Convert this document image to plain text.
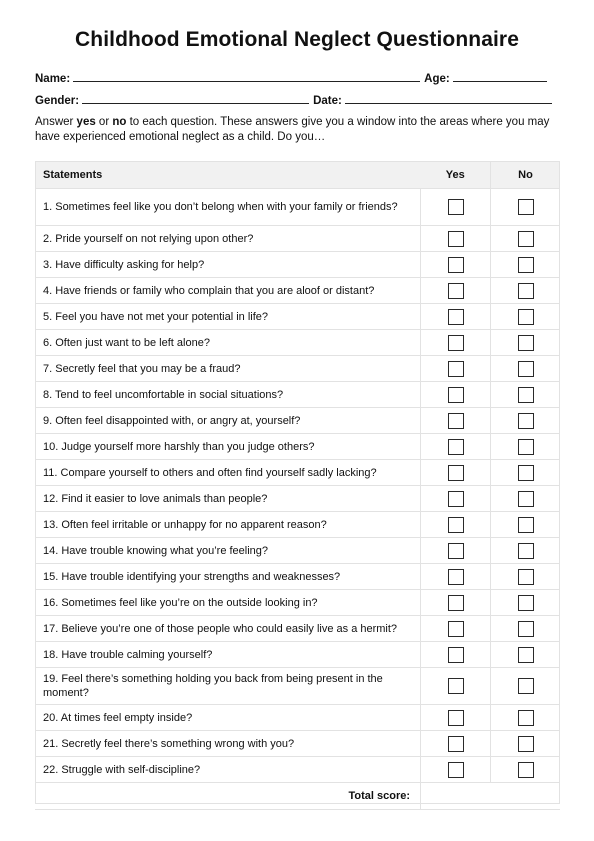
Childhood Emotional Neglect Questionnaire
Name:	Age:
Gender:	Date:
Answer yes or no to each question. These answers give you a window into the areas where you may have experienced emotional neglect as a child. Do you…
Statements	Yes	No
1. Sometimes feel like you don’t belong when with your family or friends?		
2. Pride yourself on not relying upon other?		
3. Have difficulty asking for help?		
4. Have friends or family who complain that you are aloof or distant?		
5. Feel you have not met your potential in life?		
6. Often just want to be left alone?		
7. Secretly feel that you may be a fraud?		
8. Tend to feel uncomfortable in social situations?		
9. Often feel disappointed with, or angry at, yourself?		
10. Judge yourself more harshly than you judge others?		
11. Compare yourself to others and often find yourself sadly lacking?		
12. Find it easier to love animals than people?		
13. Often feel irritable or unhappy for no apparent reason?		
14. Have trouble knowing what you’re feeling?		
15. Have trouble identifying your strengths and weaknesses?		
16. Sometimes feel like you’re on the outside looking in?		
17. Believe you’re one of those people who could easily live as a hermit?		
18. Have trouble calming yourself?		
19. Feel there’s something holding you back from being present in the moment?		
20. At times feel empty inside?		
21. Secretly feel there’s something wrong with you?		
22. Struggle with self-discipline?		
Total score:		
